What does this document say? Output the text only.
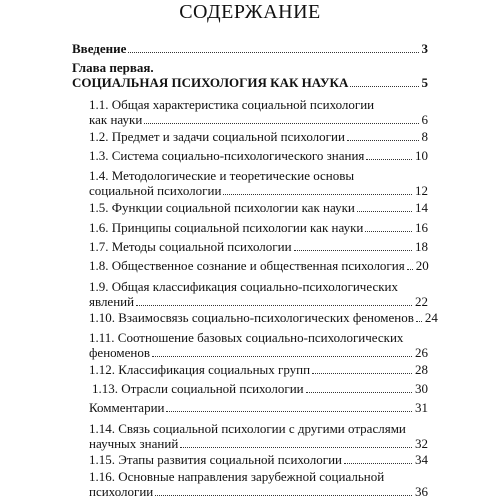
СОДЕРЖАНИЕ
Введение	3
Глава первая.
СОЦИАЛЬНАЯ ПСИХОЛОГИЯ КАК НАУКА	5
1.1. Общая характеристика социальной психологии
как науки	6
1.2. Предмет и задачи социальной психологии	8
1.3. Система социально-психологического знания	10
1.4. Методологические и теоретические основы
социальной психологии	12
1.5. Функции социальной психологии как науки	14
1.6. Принципы социальной психологии как науки	16
1.7. Методы социальной психологии	18
1.8. Общественное сознание и общественная психология 20
1.9. Общая классификация социально-психологических
явлений	22
1.10. Взаимосвязь социально-психологических феноменов 24
1.11. Соотношение базовых социально-психологических
феноменов	26
1.12. Классификация социальных групп	28
1.13. Отрасли социальной психологии	30
Комментарии	31
1.14. Связь социальной психологии с другими отраслями
научных знаний	32
1.15. Этапы развития социальной психологии	34
1.16. Основные направления зарубежной социальной
психологии	36
